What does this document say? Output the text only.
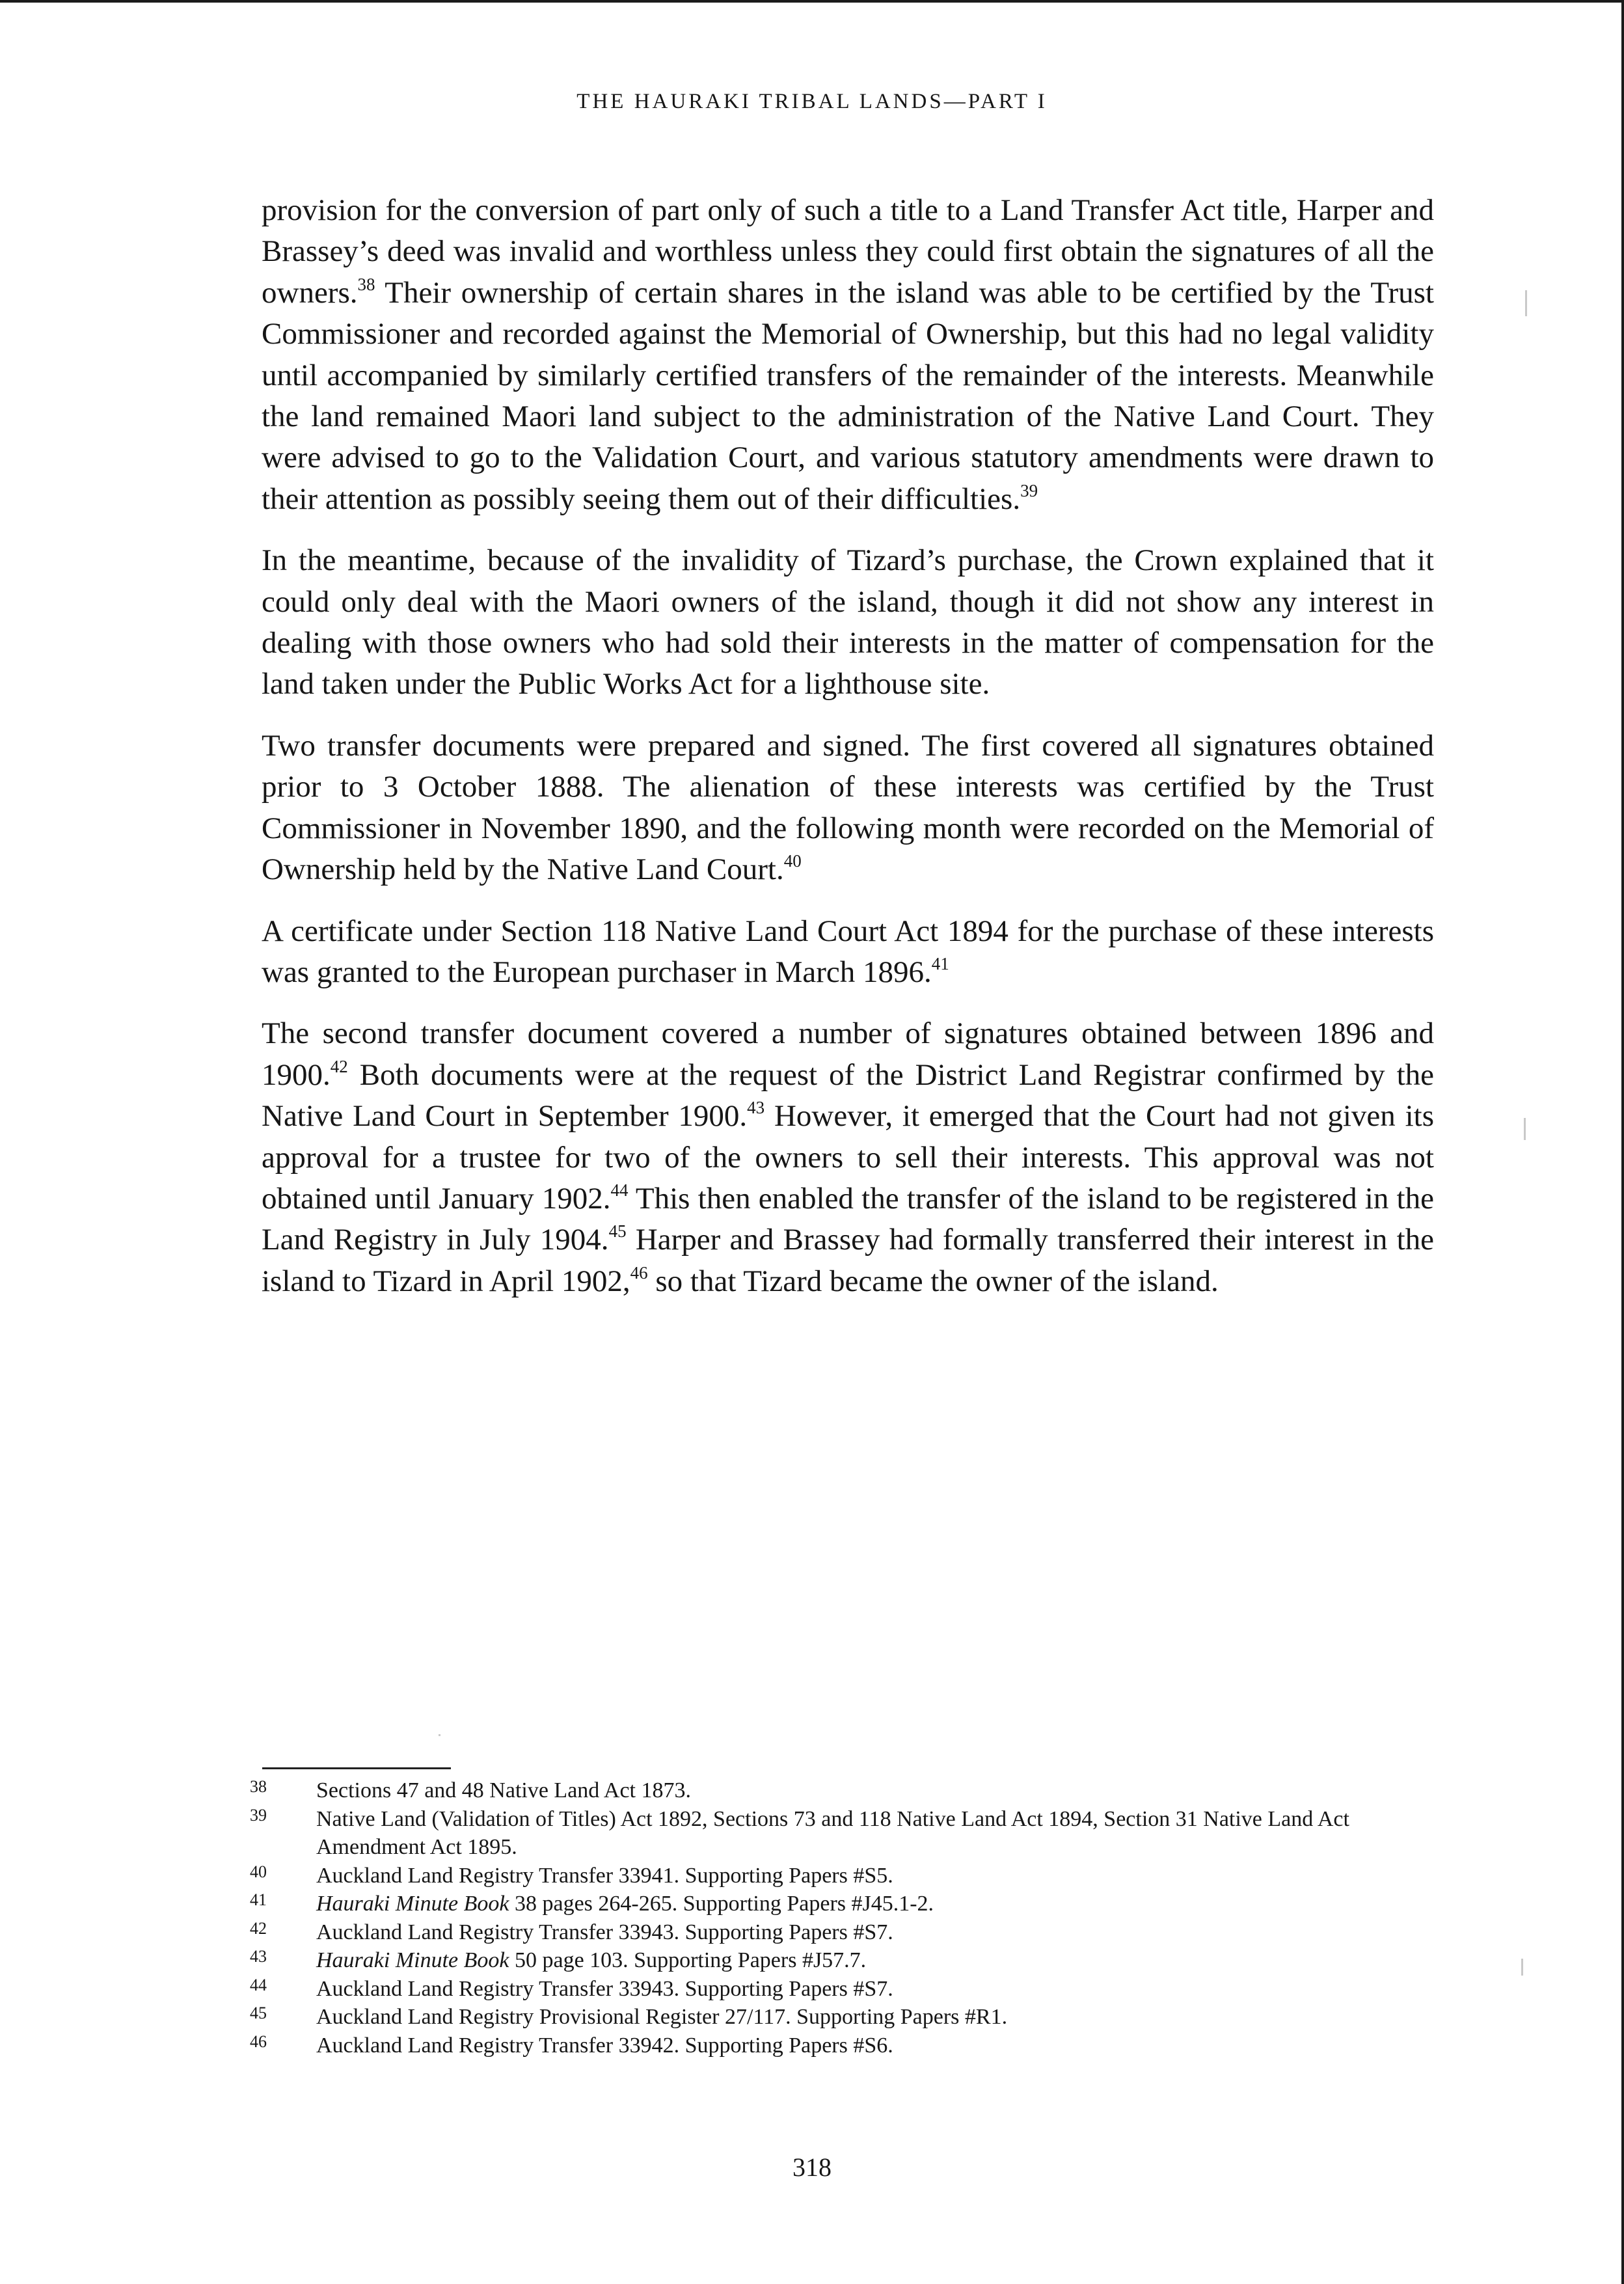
THE HAURAKI TRIBAL LANDS—PART I

provision for the conversion of part only of such a title to a Land Transfer Act title, Harper and Brassey’s deed was invalid and worthless unless they could first obtain the signatures of all the owners.$^{38}$ Their ownership of certain shares in the island was able to be certified by the Trust Commissioner and recorded against the Memorial of Ownership, but this had no legal validity until accompanied by similarly certified transfers of the remainder of the interests. Meanwhile the land remained Maori land subject to the administration of the Native Land Court. They were advised to go to the Validation Court, and various statutory amendments were drawn to their attention as possibly seeing them out of their difficulties.$^{39}$

In the meantime, because of the invalidity of Tizard’s purchase, the Crown explained that it could only deal with the Maori owners of the island, though it did not show any interest in dealing with those owners who had sold their interests in the matter of compensation for the land taken under the Public Works Act for a lighthouse site.

Two transfer documents were prepared and signed. The first covered all signatures obtained prior to 3 October 1888. The alienation of these interests was certified by the Trust Commissioner in November 1890, and the following month were recorded on the Memorial of Ownership held by the Native Land Court.$^{40}$

A certificate under Section 118 Native Land Court Act 1894 for the purchase of these interests was granted to the European purchaser in March 1896.41

The second transfer document covered a number of signatures obtained between 1896 and 1900.42 Both documents were at the request of the District Land Registrar confirmed by the Native Land Court in September 1900.43 However, it emerged that the Court had not given its approval for a trustee for two of the owners to sell their interests. This approval was not obtained until January 1902.44 This then enabled the transfer of the island to be registered in the Land Registry in July 1904.45 Harper and Brassey had formally transferred their interest in the island to Tizard in April 1902,46 so that Tizard became the owner of the island.

38	Sections 47 and 48 Native Land Act 1873.
39	Native Land (Validation of Titles) Act 1892, Sections 73 and 118 Native Land Act 1894, Section 31 Native Land Act Amendment Act 1895.
40	Auckland Land Registry Transfer 33941. Supporting Papers #S5.
41	Hauraki Minute Book 38 pages 264-265. Supporting Papers #J45.1-2.
42	Auckland Land Registry Transfer 33943. Supporting Papers #S7.
43	Hauraki Minute Book 50 page 103. Supporting Papers #J57.7.
44	Auckland Land Registry Transfer 33943. Supporting Papers #S7.
45	Auckland Land Registry Provisional Register 27/117. Supporting Papers #R1.
46	Auckland Land Registry Transfer 33942. Supporting Papers #S6.
318
